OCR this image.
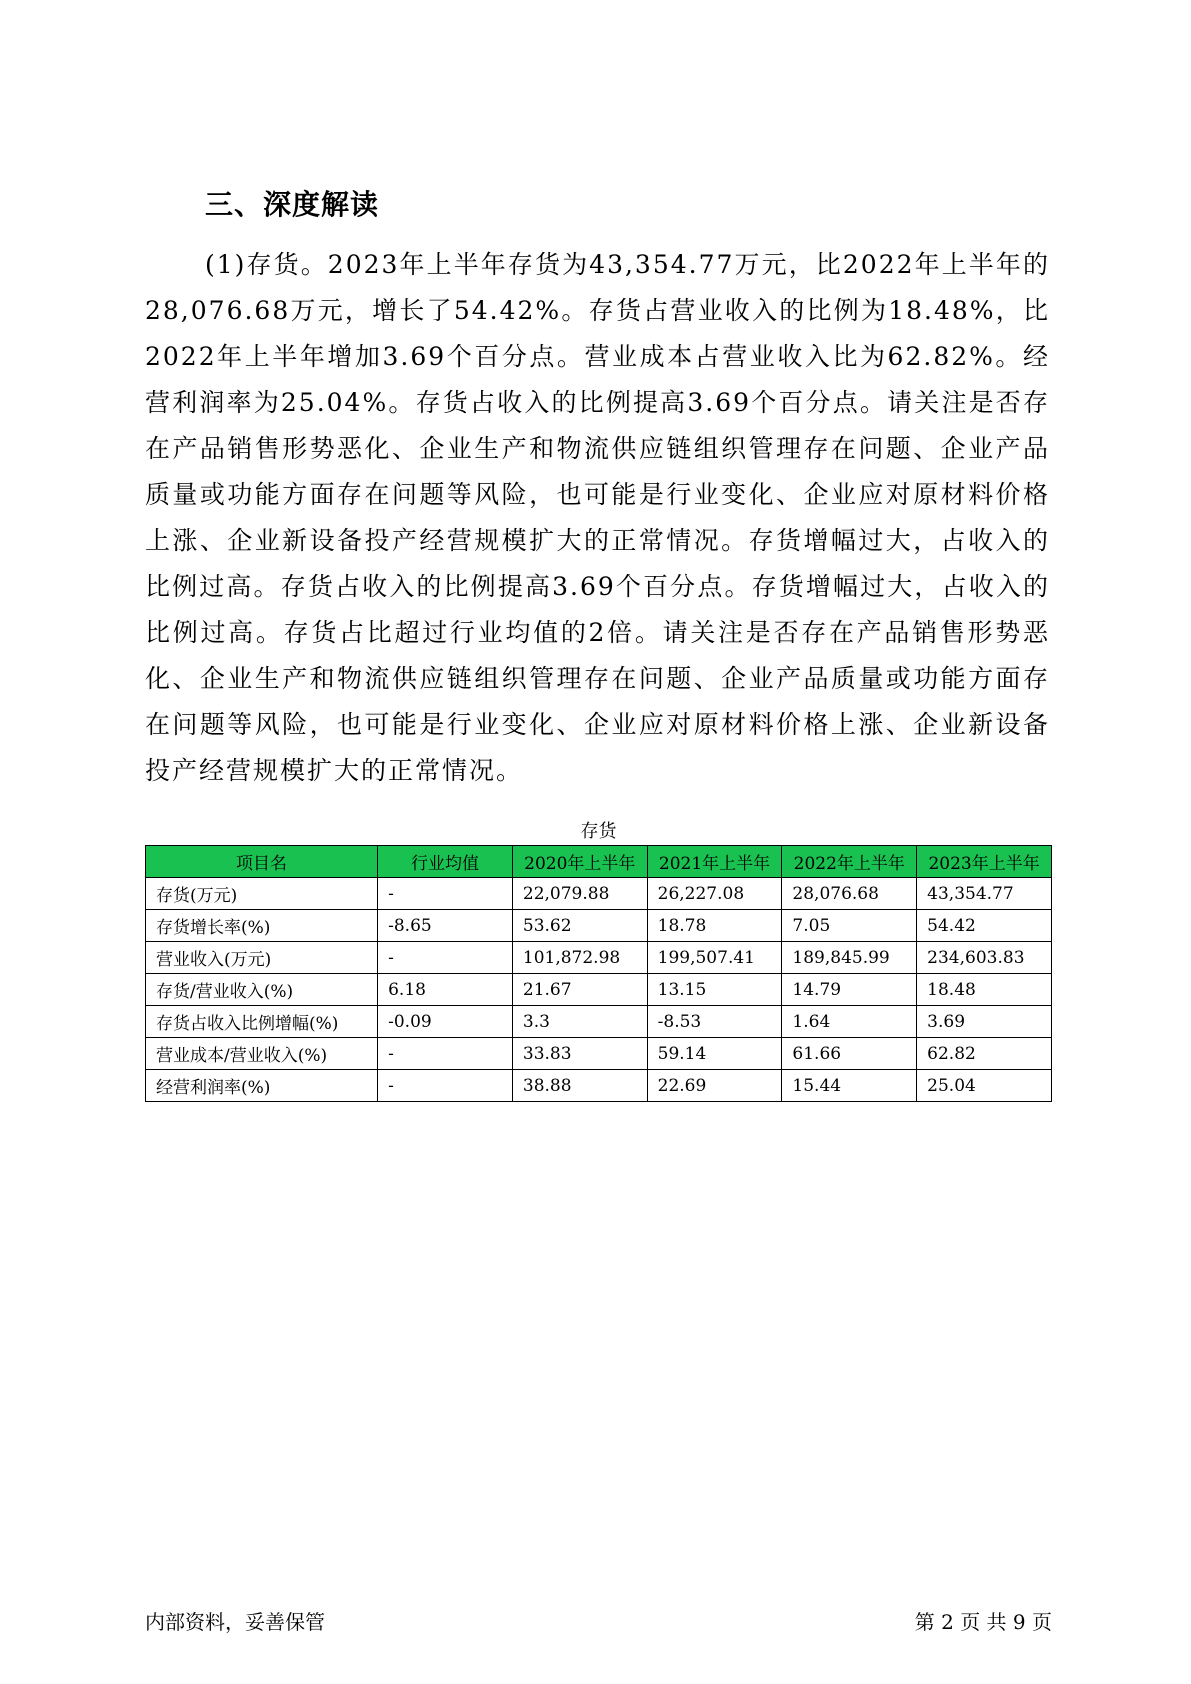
三、深度解读

(1)存货。2023年上半年存货为43,354.77万元，比2022年上半年的28,076.68万元，增长了54.42%。存货占营业收入的比例为18.48%，比2022年上半年增加3.69个百分点。营业成本占营业收入比为62.82%。经营利润率为25.04%。存货占收入的比例提高3.69个百分点。请关注是否存在产品销售形势恶化、企业生产和物流供应链组织管理存在问题、企业产品质量或功能方面存在问题等风险，也可能是行业变化、企业应对原材料价格上涨、企业新设备投产经营规模扩大的正常情况。存货增幅过大，占收入的比例过高。存货占收入的比例提高3.69个百分点。存货增幅过大，占收入的比例过高。存货占比超过行业均值的2倍。请关注是否存在产品销售形势恶化、企业生产和物流供应链组织管理存在问题、企业产品质量或功能方面存在问题等风险，也可能是行业变化、企业应对原材料价格上涨、企业新设备投产经营规模扩大的正常情况。

存货
项目名	行业均值	2020年上半年	2021年上半年	2022年上半年	2023年上半年
存货(万元)	-	22,079.88	26,227.08	28,076.68	43,354.77
存货增长率(%)	-8.65	53.62	18.78	7.05	54.42
营业收入(万元)	-	101,872.98	199,507.41	189,845.99	234,603.83
存货/营业收入(%)	6.18	21.67	13.15	14.79	18.48
存货占收入比例增幅(%)	-0.09	3.3	-8.53	1.64	3.69
营业成本/营业收入(%)	-	33.83	59.14	61.66	62.82
经营利润率(%)	-	38.88	22.69	15.44	25.04
内部资料，妥善保管	第 2 页 共 9 页
